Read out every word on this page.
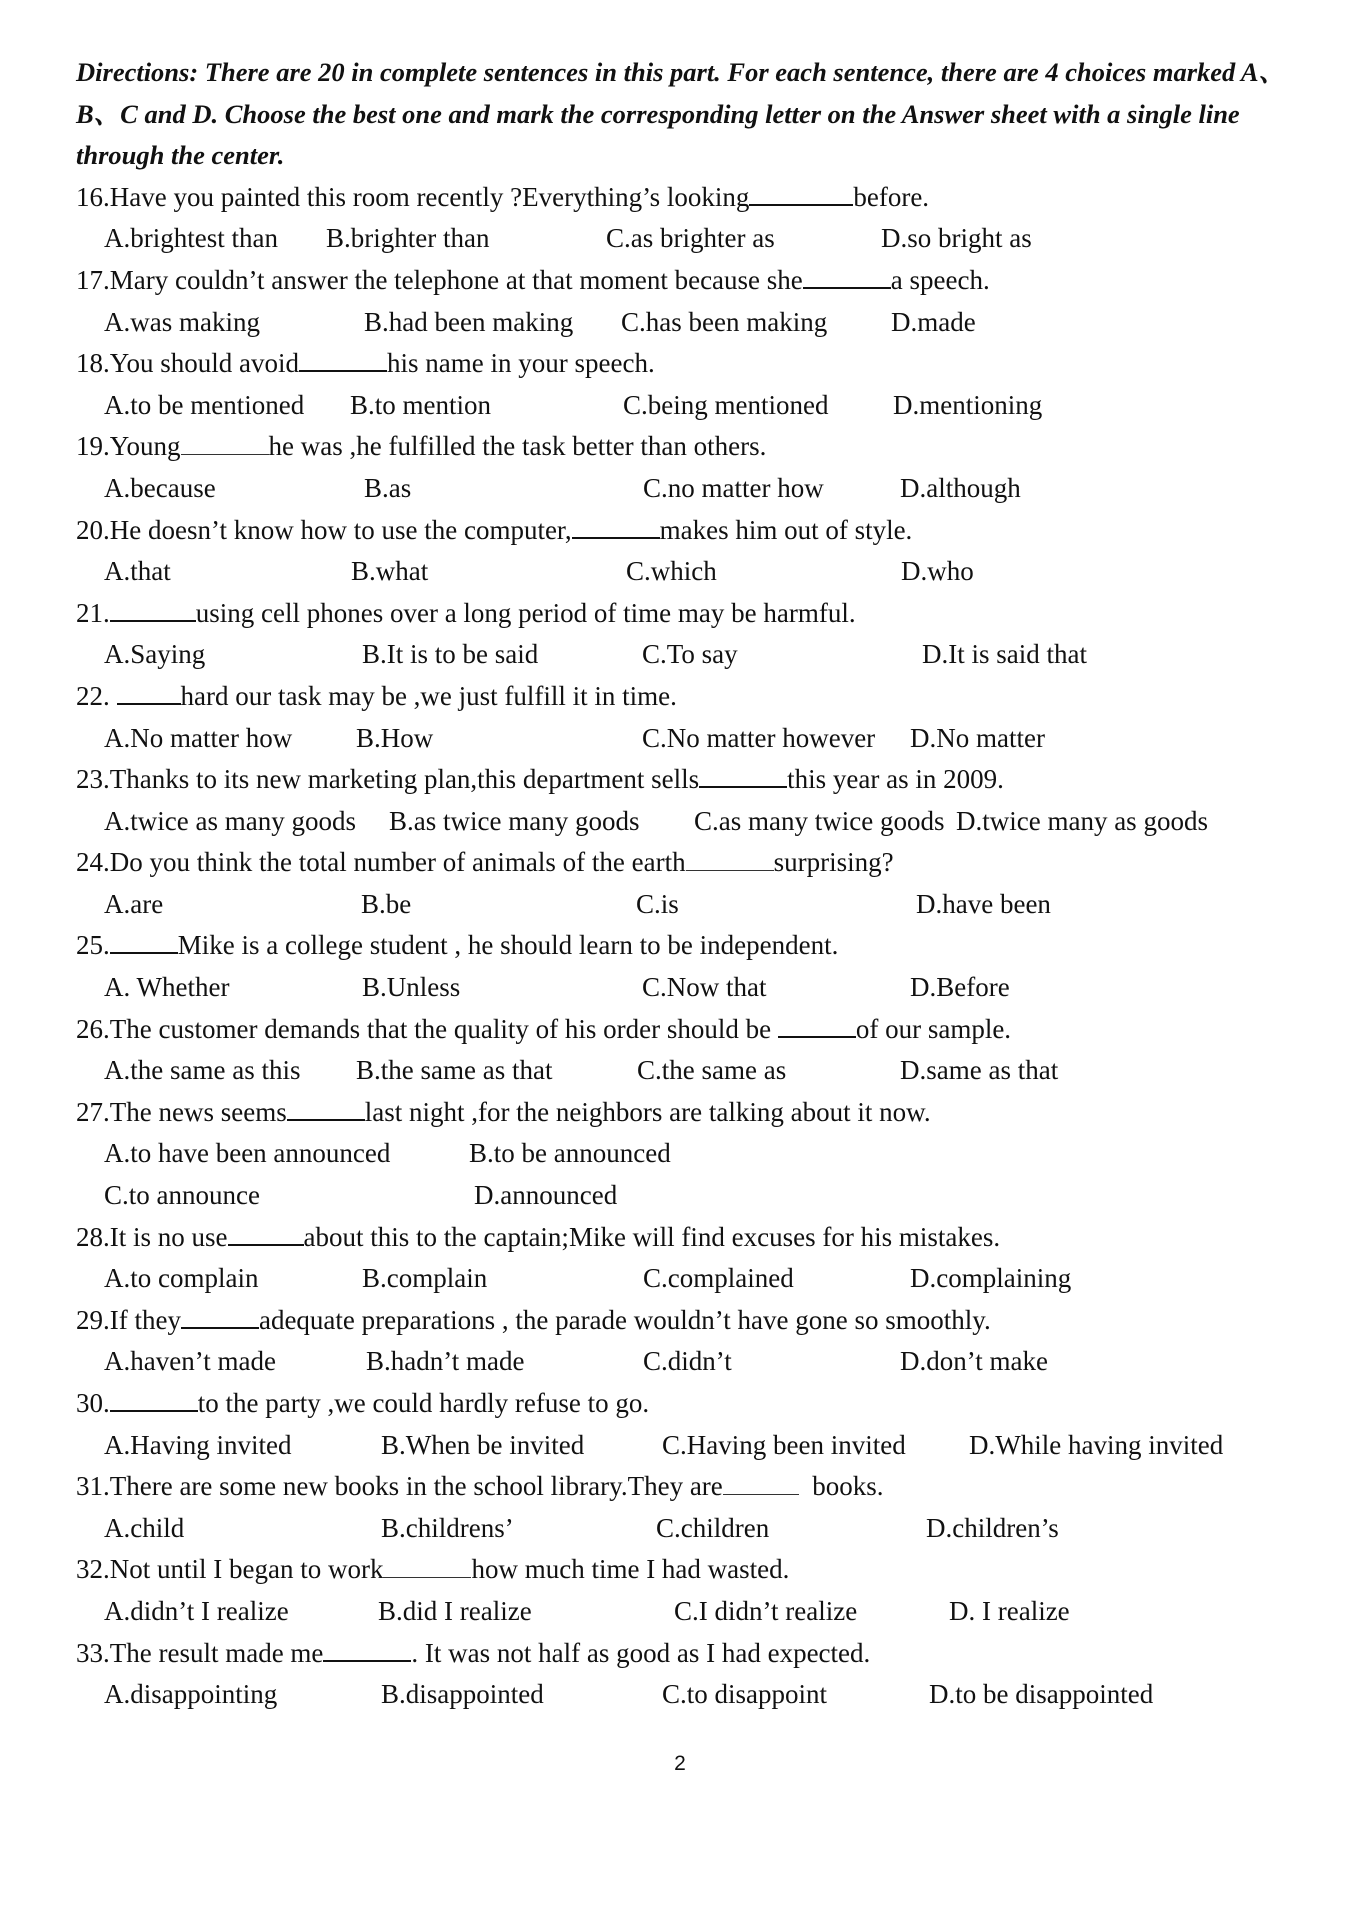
Directions: There are 20 in complete sentences in this part. For each sentence, there are 4 choices marked A、B、C and D. Choose the best one and mark the corresponding letter on the Answer sheet with a single line through the center.

16.Have you painted this room recently ?Everything’s looking	before.
A.brightest than B.brighter than	C.as brighter as	D.so bright as
17.Mary couldn’t answer the telephone at that moment because she	a speech.
A.was making	B.had been making C.has been making D.made
18.You should avoid	his name in your speech.
A.to be mentioned B.to mention	C.being mentioned D.mentioning
19.Young	he was ,he fulfilled the task better than others.
A.because	B.as	C.no matter how	D.although
20.He doesn’t know how to use the computer,	makes him out of style.
A.that	B.what	C.which	D.who
21.	using cell phones over a long period of time may be harmful.
A.Saying	B.It is to be said	C.To say	D.It is said that
22. hard our task may be ,we just fulfill it in time.
A.No matter how B.How	C.No matter however D.No matter
23.Thanks to its new marketing plan,this department sells	this year as in 2009.
A.twice as many goods B.as twice many goods C.as many twice goods D.twice many as goods
24.Do you think the total number of animals of the earth	surprising?
A.are	B.be	C.is	D.have been
25.	Mike is a college student , he should learn to be independent.
A. Whether	B.Unless	C.Now that	D.Before
26.The customer demands that the quality of his order should be	of our sample.
A.the same as this B.the same as that	C.the same as	D.same as that
27.The news seems	last night ,for the neighbors are talking about it now.
A.to have been announced	B.to be announced
C.to announce	D.announced
28.It is no use	about this to the captain;Mike will find excuses for his mistakes.
A.to complain	B.complain	C.complained	D.complaining
29.If they	adequate preparations , the parade wouldn’t have gone so smoothly.
A.haven’t made	B.hadn’t made	C.didn’t	D.don’t make
30.	to the party ,we could hardly refuse to go.
A.Having invited	B.When be invited	C.Having been invited D.While having invited
31.There are some new books in the school library.They are	books.
A.child	B.childrens’	C.children	D.children’s
32.Not until I began to work	how much time I had wasted.
A.didn’t I realize	B.did I realize	C.I didn’t realize	D. I realize
33.The result made me	. It was not half as good as I had expected.
A.disappointing	B.disappointed	C.to disappoint	D.to be disappointed
2
